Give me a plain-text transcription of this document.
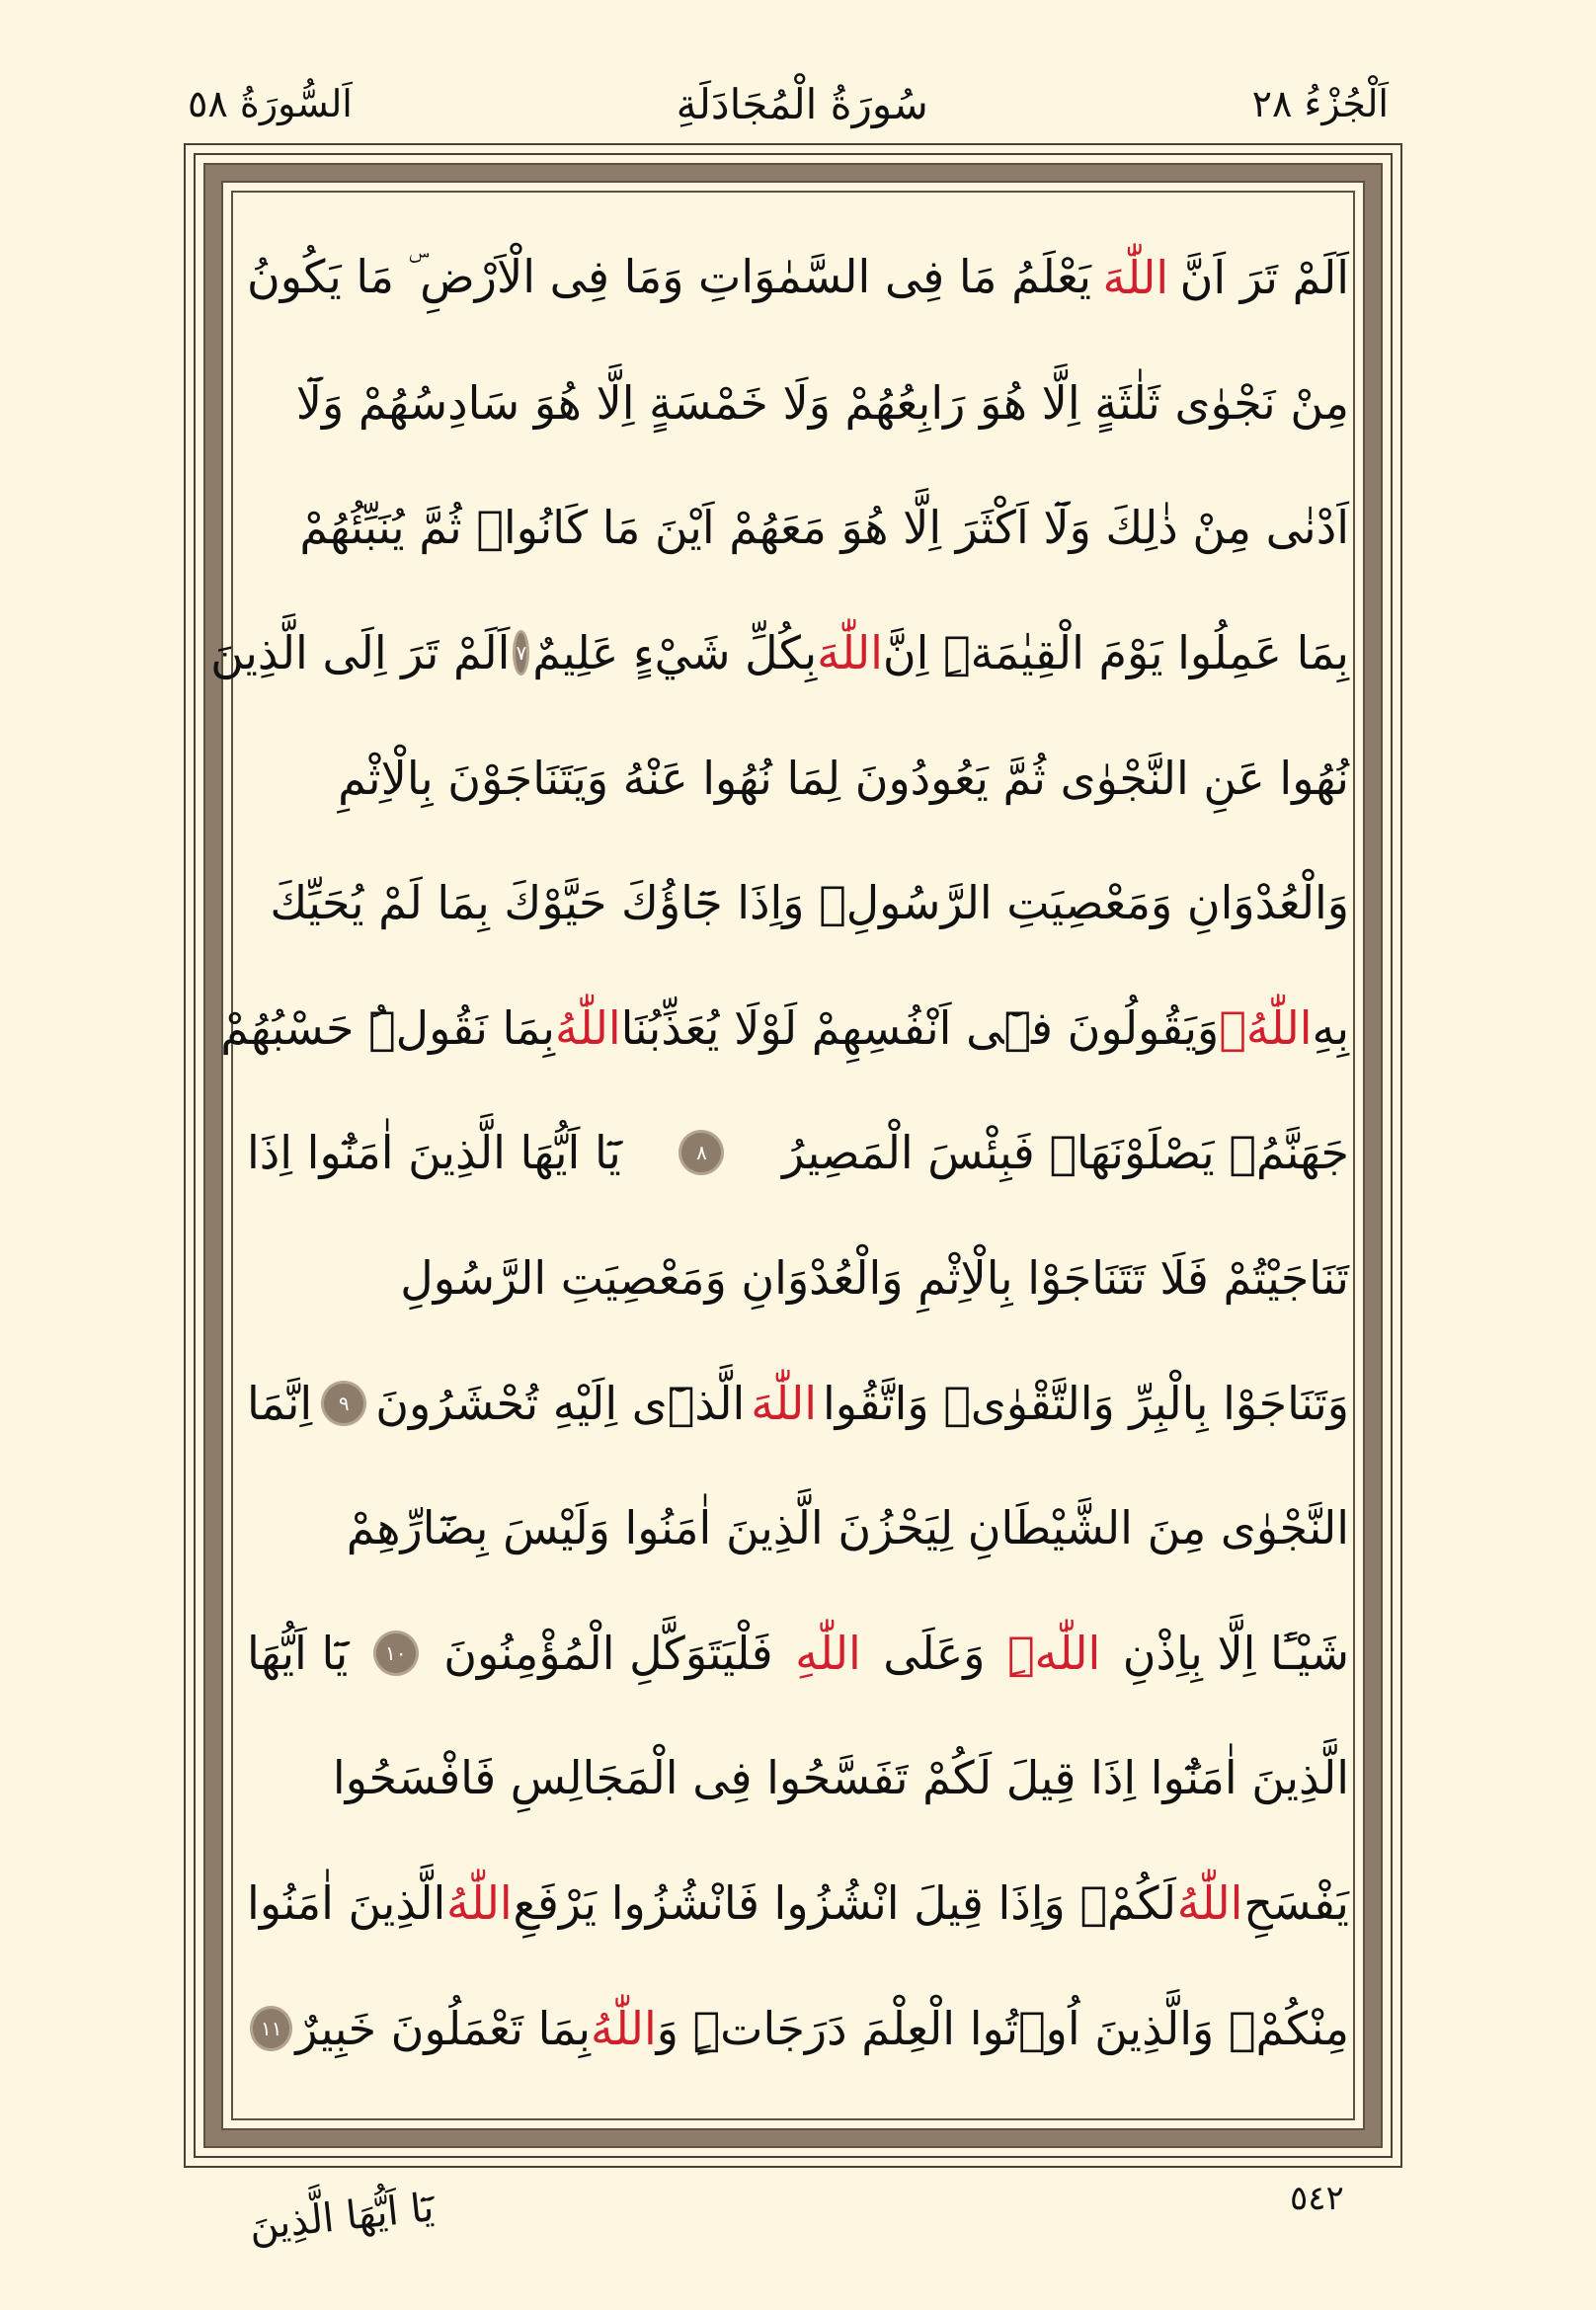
اَلْجُزْءُ ٢٨
سُورَةُ الْمُجَادَلَةِ
اَلسُّورَةُ ٥٨
اَلَمْ تَرَ اَنَّ
اللّٰهَ
يَعْلَمُ مَا فِى السَّمٰوَاتِ وَمَا فِى الْاَرْضِ ۜ مَا يَكُونُ
مِنْ نَجْوٰى ثَلٰثَةٍ اِلَّا هُوَ رَابِعُهُمْ وَلَا خَمْسَةٍ اِلَّا هُوَ سَادِسُهُمْ وَلَٓا
اَدْنٰى مِنْ ذٰلِكَ وَلَٓا اَكْثَرَ اِلَّا هُوَ مَعَهُمْ اَيْنَ مَا كَانُواۚ ثُمَّ يُنَبِّئُهُمْ
بِمَا عَمِلُوا يَوْمَ الْقِيٰمَةِۜ اِنَّ
اللّٰهَ
بِكُلِّ شَيْءٍ عَلِيمٌ
٧
اَلَمْ تَرَ اِلَى الَّذِينَ
نُهُوا عَنِ النَّجْوٰى ثُمَّ يَعُودُونَ لِمَا نُهُوا عَنْهُ وَيَتَنَاجَوْنَ بِالْاِثْمِ
وَالْعُدْوَانِ وَمَعْصِيَتِ الرَّسُولِۘ وَاِذَا جَٓاؤُكَ حَيَّوْكَ بِمَا لَمْ يُحَيِّكَ
بِهِ
اللّٰهُۙ
وَيَقُولُونَ فٖٓى اَنْفُسِهِمْ لَوْلَا يُعَذِّبُنَا
اللّٰهُ
بِمَا نَقُولُۜ حَسْبُهُمْ
جَهَنَّمُۚ يَصْلَوْنَهَاۚ فَبِئْسَ الْمَصِيرُ
٨
يَٓا اَيُّهَا الَّذِينَ اٰمَنُٓوا اِذَا
تَنَاجَيْتُمْ فَلَا تَتَنَاجَوْا بِالْاِثْمِ وَالْعُدْوَانِ وَمَعْصِيَتِ الرَّسُولِ
وَتَنَاجَوْا بِالْبِرِّ وَالتَّقْوٰىۜ وَاتَّقُوا
اللّٰهَ
الَّذٖٓى اِلَيْهِ تُحْشَرُونَ
٩
اِنَّمَا
النَّجْوٰى مِنَ الشَّيْطَانِ لِيَحْزُنَ الَّذِينَ اٰمَنُوا وَلَيْسَ بِضَٓارِّهِمْ
شَيْـًٔا اِلَّا بِاِذْنِ
اللّٰهِۜ
وَعَلَى
اللّٰهِ
فَلْيَتَوَكَّلِ الْمُؤْمِنُونَ
١٠
يَٓا اَيُّهَا
الَّذِينَ اٰمَنُٓوا اِذَا قِيلَ لَكُمْ تَفَسَّحُوا فِى الْمَجَالِسِ فَافْسَحُوا
يَفْسَحِ
اللّٰهُ
لَكُمْۚ وَاِذَا قِيلَ انْشُزُوا فَانْشُزُوا يَرْفَعِ
اللّٰهُ
الَّذِينَ اٰمَنُوا
مِنْكُمْۙ وَالَّذِينَ اُو۫تُوا الْعِلْمَ دَرَجَاتٍۜ وَ
اللّٰهُ
بِمَا تَعْمَلُونَ خَبِيرٌ
١١
٥٤٢
يَٓا اَيُّهَا الَّذِينَ
